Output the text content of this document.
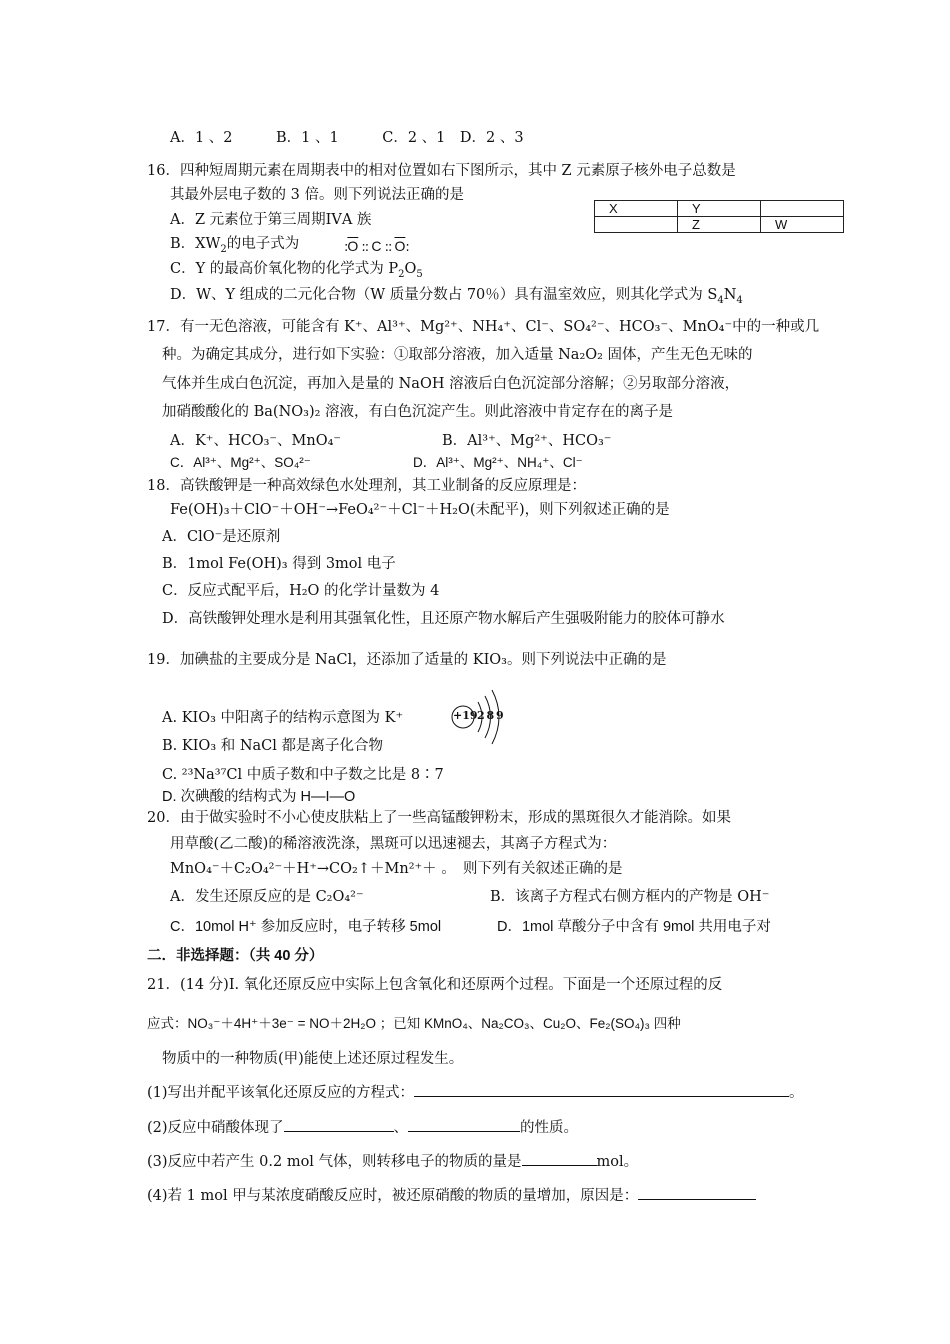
A．1 、2　　　B．1 、1　　　C．2 、1　D．2 、3
16．四种短周期元素在周期表中的相对位置如右下图所示，其中 Z 元素原子核外电子总数是
其最外层电子数的 3 倍。则下列说法正确的是
A．Z 元素位于第三周期ⅠⅤA 族
B．$XW_2$的电子式为	$:\overline{O}$ :: C :: $\overline{O}$:
C．Y 的最高价氧化物的化学式为 $P_2O_5$
D．W、Y 组成的二元化合物（W 质量分数占 70％）具有温室效应，则其化学式为 $S_4N_4$
X	Y	
	Z	W
17．有一无色溶液，可能含有 K⁺、Al³⁺、Mg²⁺、NH₄⁺、Cl⁻、SO₄²⁻、HCO₃⁻、MnO₄⁻中的一种或几
种。为确定其成分，进行如下实验：①取部分溶液，加入适量 Na₂O₂ 固体，产生无色无味的
气体并生成白色沉淀，再加入是量的 NaOH 溶液后白色沉淀部分溶解；②另取部分溶液，
加硝酸酸化的 Ba(NO₃)₂ 溶液，有白色沉淀产生。则此溶液中肯定存在的离子是
A．K⁺、HCO₃⁻、MnO₄⁻	B．Al³⁺、Mg²⁺、HCO₃⁻
C．Al³⁺、Mg²⁺、SO₄²⁻	D．Al³⁺、Mg²⁺、NH₄⁺、Cl⁻
18．高铁酸钾是一种高效绿色水处理剂，其工业制备的反应原理是：
Fe(OH)₃＋ClO⁻＋OH⁻→FeO₄²⁻＋Cl⁻＋H₂O(未配平)，则下列叙述正确的是
A．ClO⁻是还原剂
B．1mol Fe(OH)₃ 得到 3mol 电子
C．反应式配平后，H₂O 的化学计量数为 4
D．高铁酸钾处理水是利用其强氧化性，且还原产物水解后产生强吸附能力的胶体可静水
19．加碘盐的主要成分是 NaCl，还添加了适量的 KIO₃。则下列说法中正确的是
A. KIO₃ 中阳离子的结构示意图为 K⁺	+19 2 8 9
B. KIO₃ 和 NaCl 都是离子化合物
C. ²³Na³⁷Cl 中质子数和中子数之比是 8∶7
D. 次碘酸的结构式为 H—I—O
20．由于做实验时不小心使皮肤粘上了一些高锰酸钾粉末，形成的黑斑很久才能消除。如果
用草酸(乙二酸)的稀溶液洗涤，黑斑可以迅速褪去，其离子方程式为：
MnO₄⁻＋C₂O₄²⁻＋H⁺→CO₂↑＋Mn²⁺＋ 。　则下列有关叙述正确的是
A．发生还原反应的是 C₂O₄²⁻	B．该离子方程式右侧方框内的产物是 OH⁻
C．10mol H⁺ 参加反应时，电子转移 5mol	D．1mol 草酸分子中含有 9mol 共用电子对
二．非选择题：（共 40 分）
21．(14 分)Ⅰ. 氧化还原反应中实际上包含氧化和还原两个过程。下面是一个还原过程的反
应式：NO₃⁻＋4H⁺＋3e⁻ = NO＋2H₂O ；已知 KMnO₄、Na₂CO₃、Cu₂O、Fe₂(SO₄)₃ 四种
物质中的一种物质(甲)能使上述还原过程发生。
(1)写出并配平该氧化还原反应的方程式：	。
(2)反应中硝酸体现了	、	的性质。
(3)反应中若产生 0.2 mol 气体，则转移电子的物质的量是	mol。
(4)若 1 mol 甲与某浓度硝酸反应时，被还原硝酸的物质的量增加，原因是：
